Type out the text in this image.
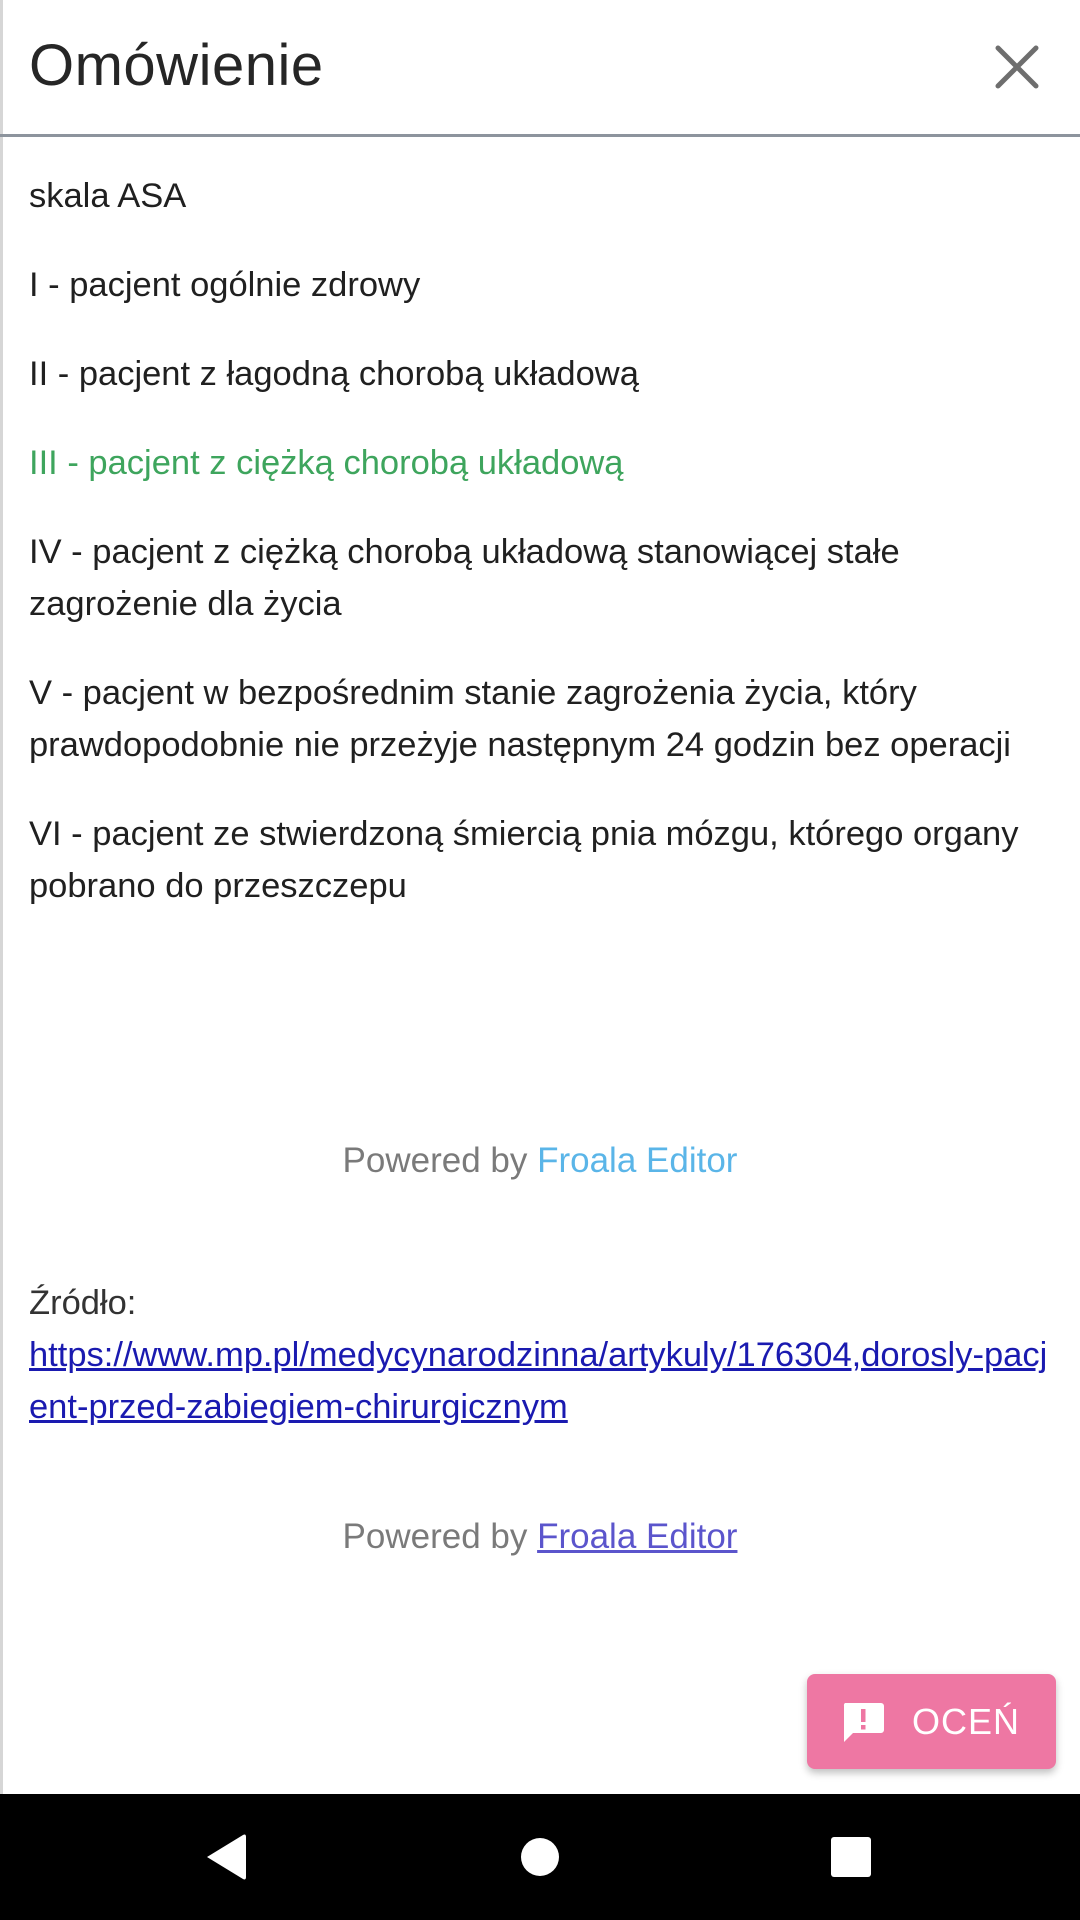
Omówienie

skala ASA

I - pacjent ogólnie zdrowy

II - pacjent z łagodną chorobą układową

III - pacjent z ciężką chorobą układową

IV - pacjent z ciężką chorobą układową stanowiącej stałe zagrożenie dla życia

V - pacjent w bezpośrednim stanie zagrożenia życia, który prawdopodobnie nie przeżyje następnym 24 godzin bez operacji

VI - pacjent ze stwierdzoną śmiercią pnia mózgu, którego organy pobrano do przeszczepu

Powered by Froala Editor
Źródło:
https://www.mp.pl/medycynarodzinna/artykuly/176304,dorosly-pacjent-przed-zabiegiem-chirurgicznym
Powered by Froala Editor
OCEŃ
